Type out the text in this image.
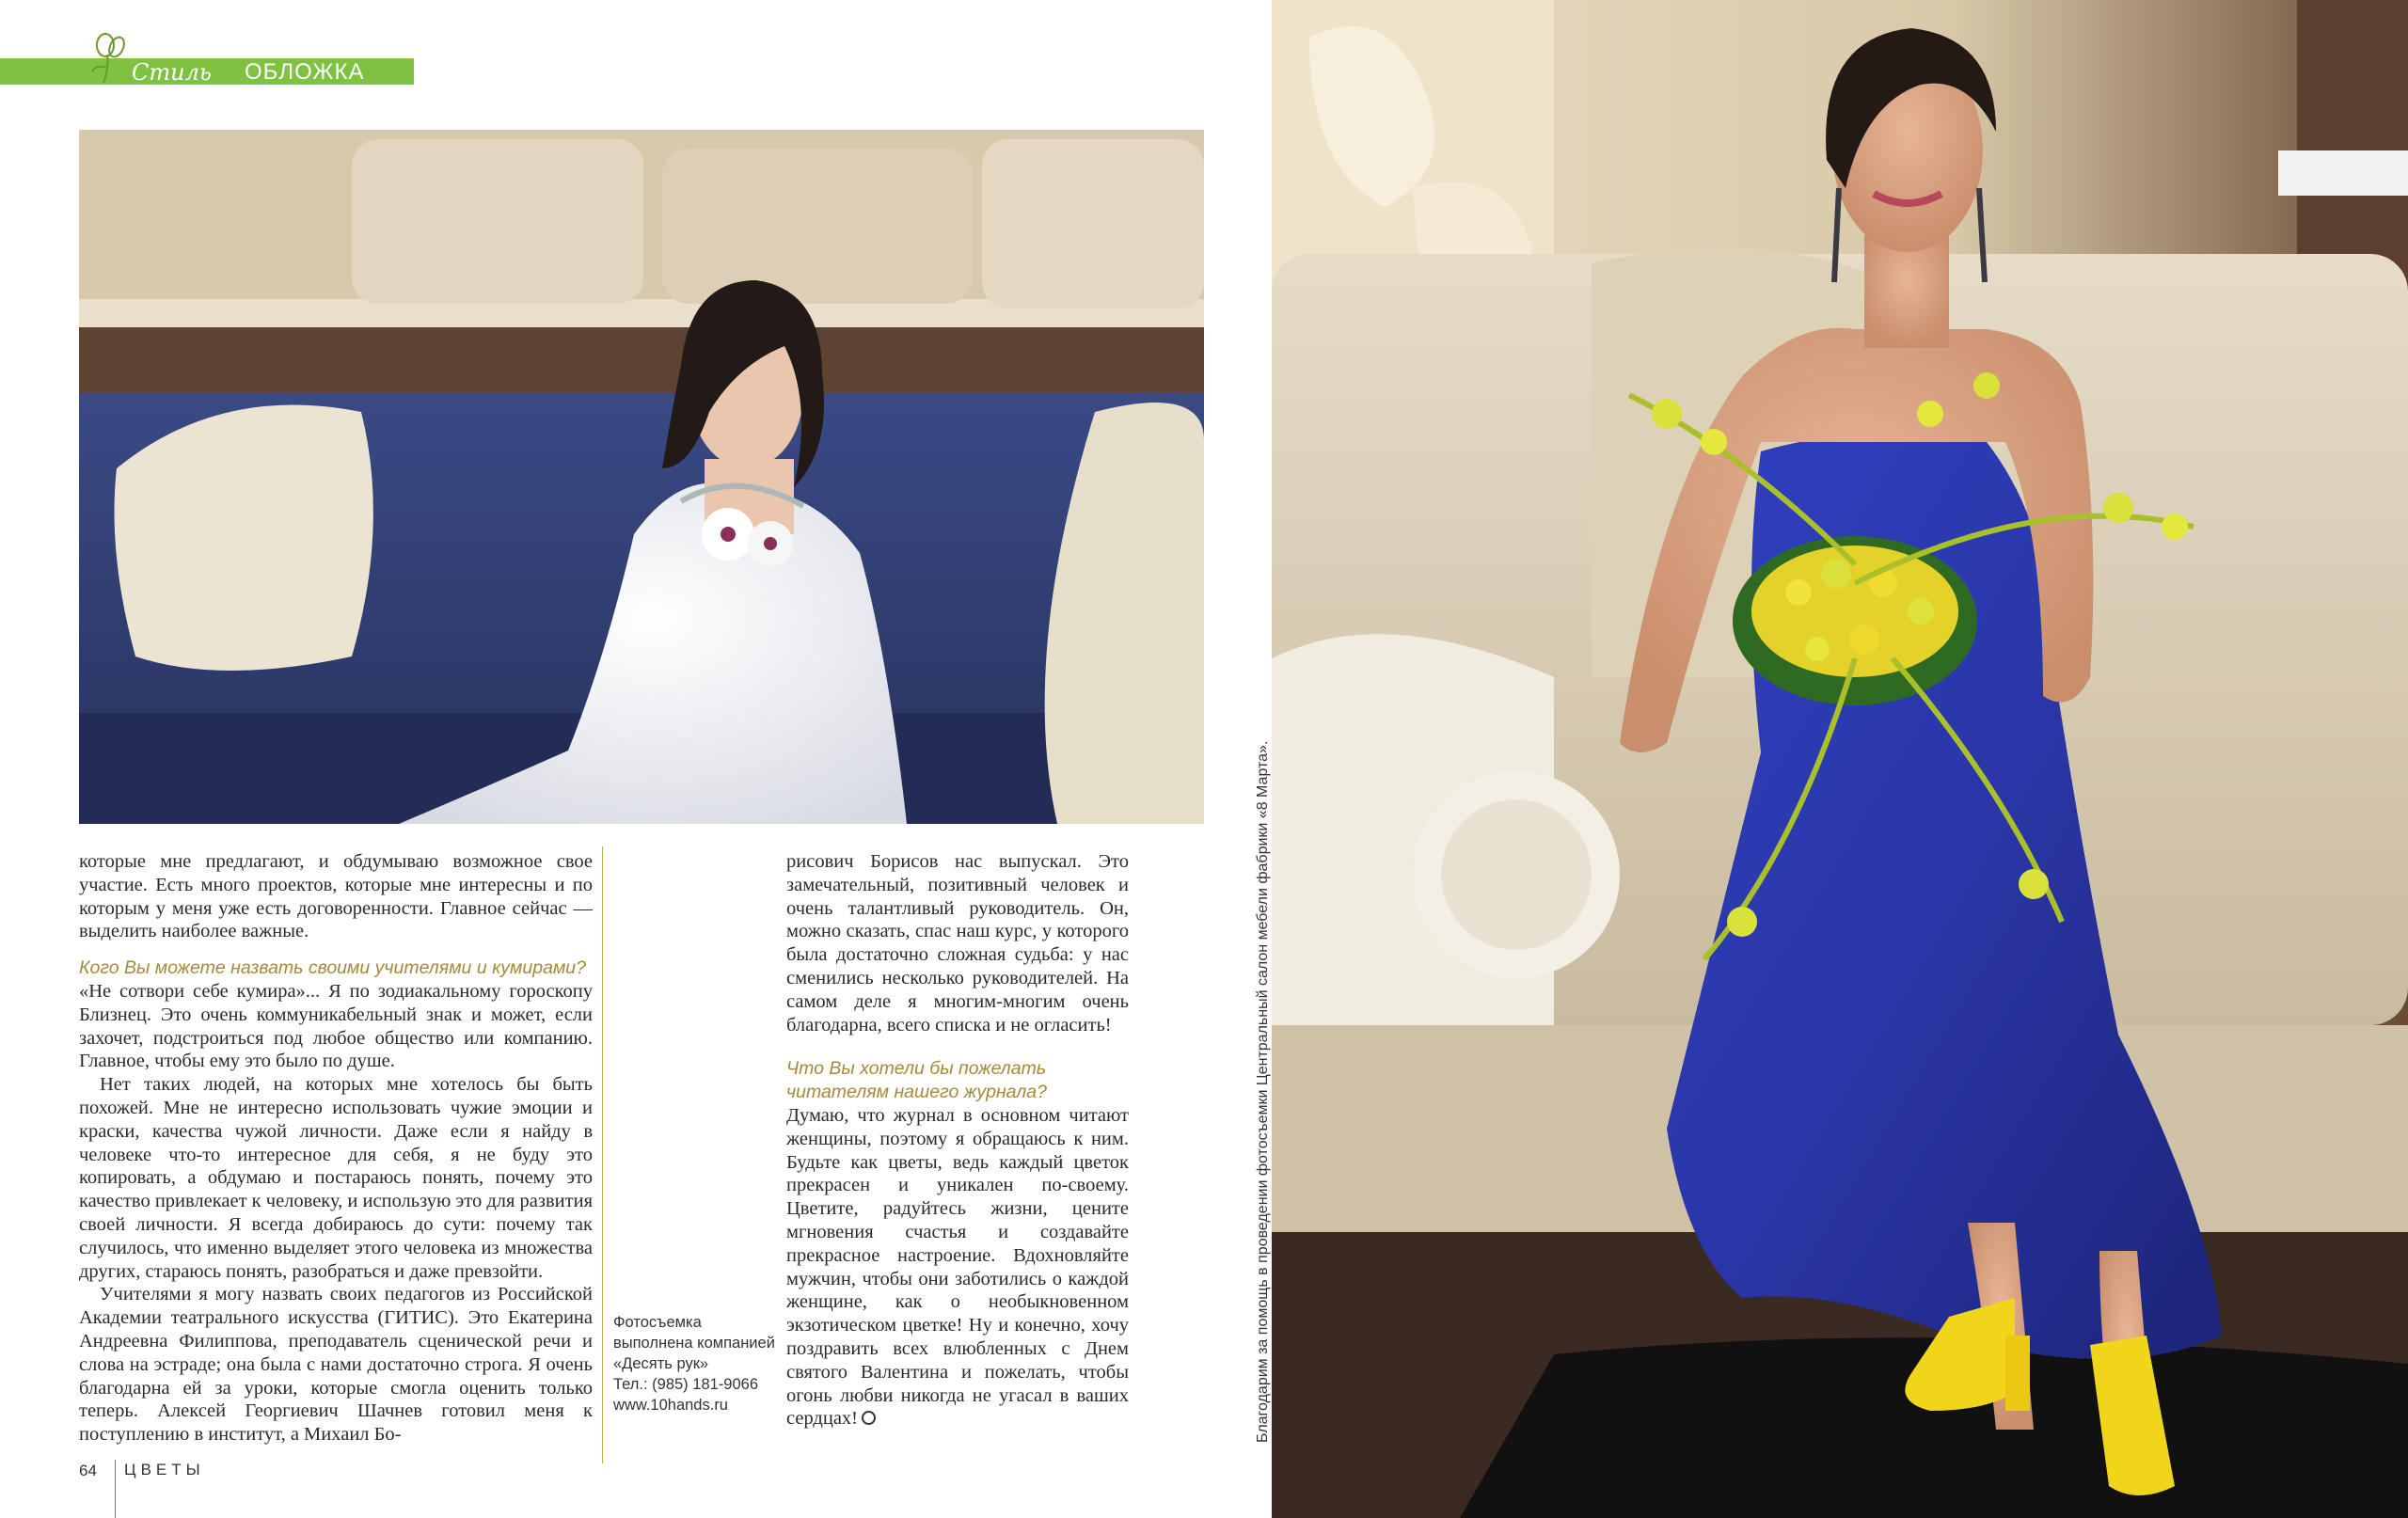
Стиль ОБЛОЖКА

которые мне предлагают, и обдумываю возможное свое участие. Есть много проектов, которые мне интересны и по которым у меня уже есть договоренности. Главное сейчас — выделить наиболее важные.

Кого Вы можете назвать своими учителями и кумирами?

«Не сотвори себе кумира»... Я по зодиакальному гороскопу Близнец. Это очень коммуникабельный знак и может, если захочет, подстроиться под любое общество или компанию. Главное, чтобы ему это было по душе.

Нет таких людей, на которых мне хотелось бы быть похожей. Мне не интересно использовать чужие эмоции и краски, качества чужой личности. Даже если я найду в человеке что-то интересное для себя, я не буду это копировать, а обдумаю и постараюсь понять, почему это качество привлекает к человеку, и использую это для развития своей личности. Я всегда добираюсь до сути: почему так случилось, что именно выделяет этого человека из множества других, стараюсь понять, разобраться и даже превзойти.

Учителями я могу назвать своих педагогов из Российской Академии театрального искусства (ГИТИС). Это Екатерина Андреевна Филиппова, преподаватель сценической речи и слова на эстраде; она была с нами достаточно строга. Я очень благодарна ей за уроки, которые смогла оценить только теперь. Алексей Георгиевич Шачнев готовил меня к поступлению в институт, а Михаил Бо-

рисович Борисов нас выпускал. Это замечательный, позитивный человек и очень талантливый руководитель. Он, можно сказать, спас наш курс, у которого была достаточно сложная судьба: у нас сменились несколько руководителей. На самом деле я многим-многим очень благодарна, всего списка и не огласить!

Что Вы хотели бы пожелать читателям нашего журнала?

Думаю, что журнал в основном читают женщины, поэтому я обращаюсь к ним. Будьте как цветы, ведь каждый цветок прекрасен и уникален по-своему. Цветите, радуйтесь жизни, цените мгновения счастья и создавайте прекрасное настроение. Вдохновляйте мужчин, чтобы они заботились о каждой женщине, как о необыкновенном экзотическом цветке! Ну и конечно, хочу поздравить всех влюбленных с Днем святого Валентина и пожелать, чтобы огонь любви никогда не угасал в ваших сердцах!

Фотосъемка
выполнена компанией
«Десять рук»
Тел.: (985) 181-9066
www.10hands.ru
64 ЦВЕТЫ
Благодарим за помощь в проведении фотосъемки Центральный салон мебели фабрики «8 Марта».
